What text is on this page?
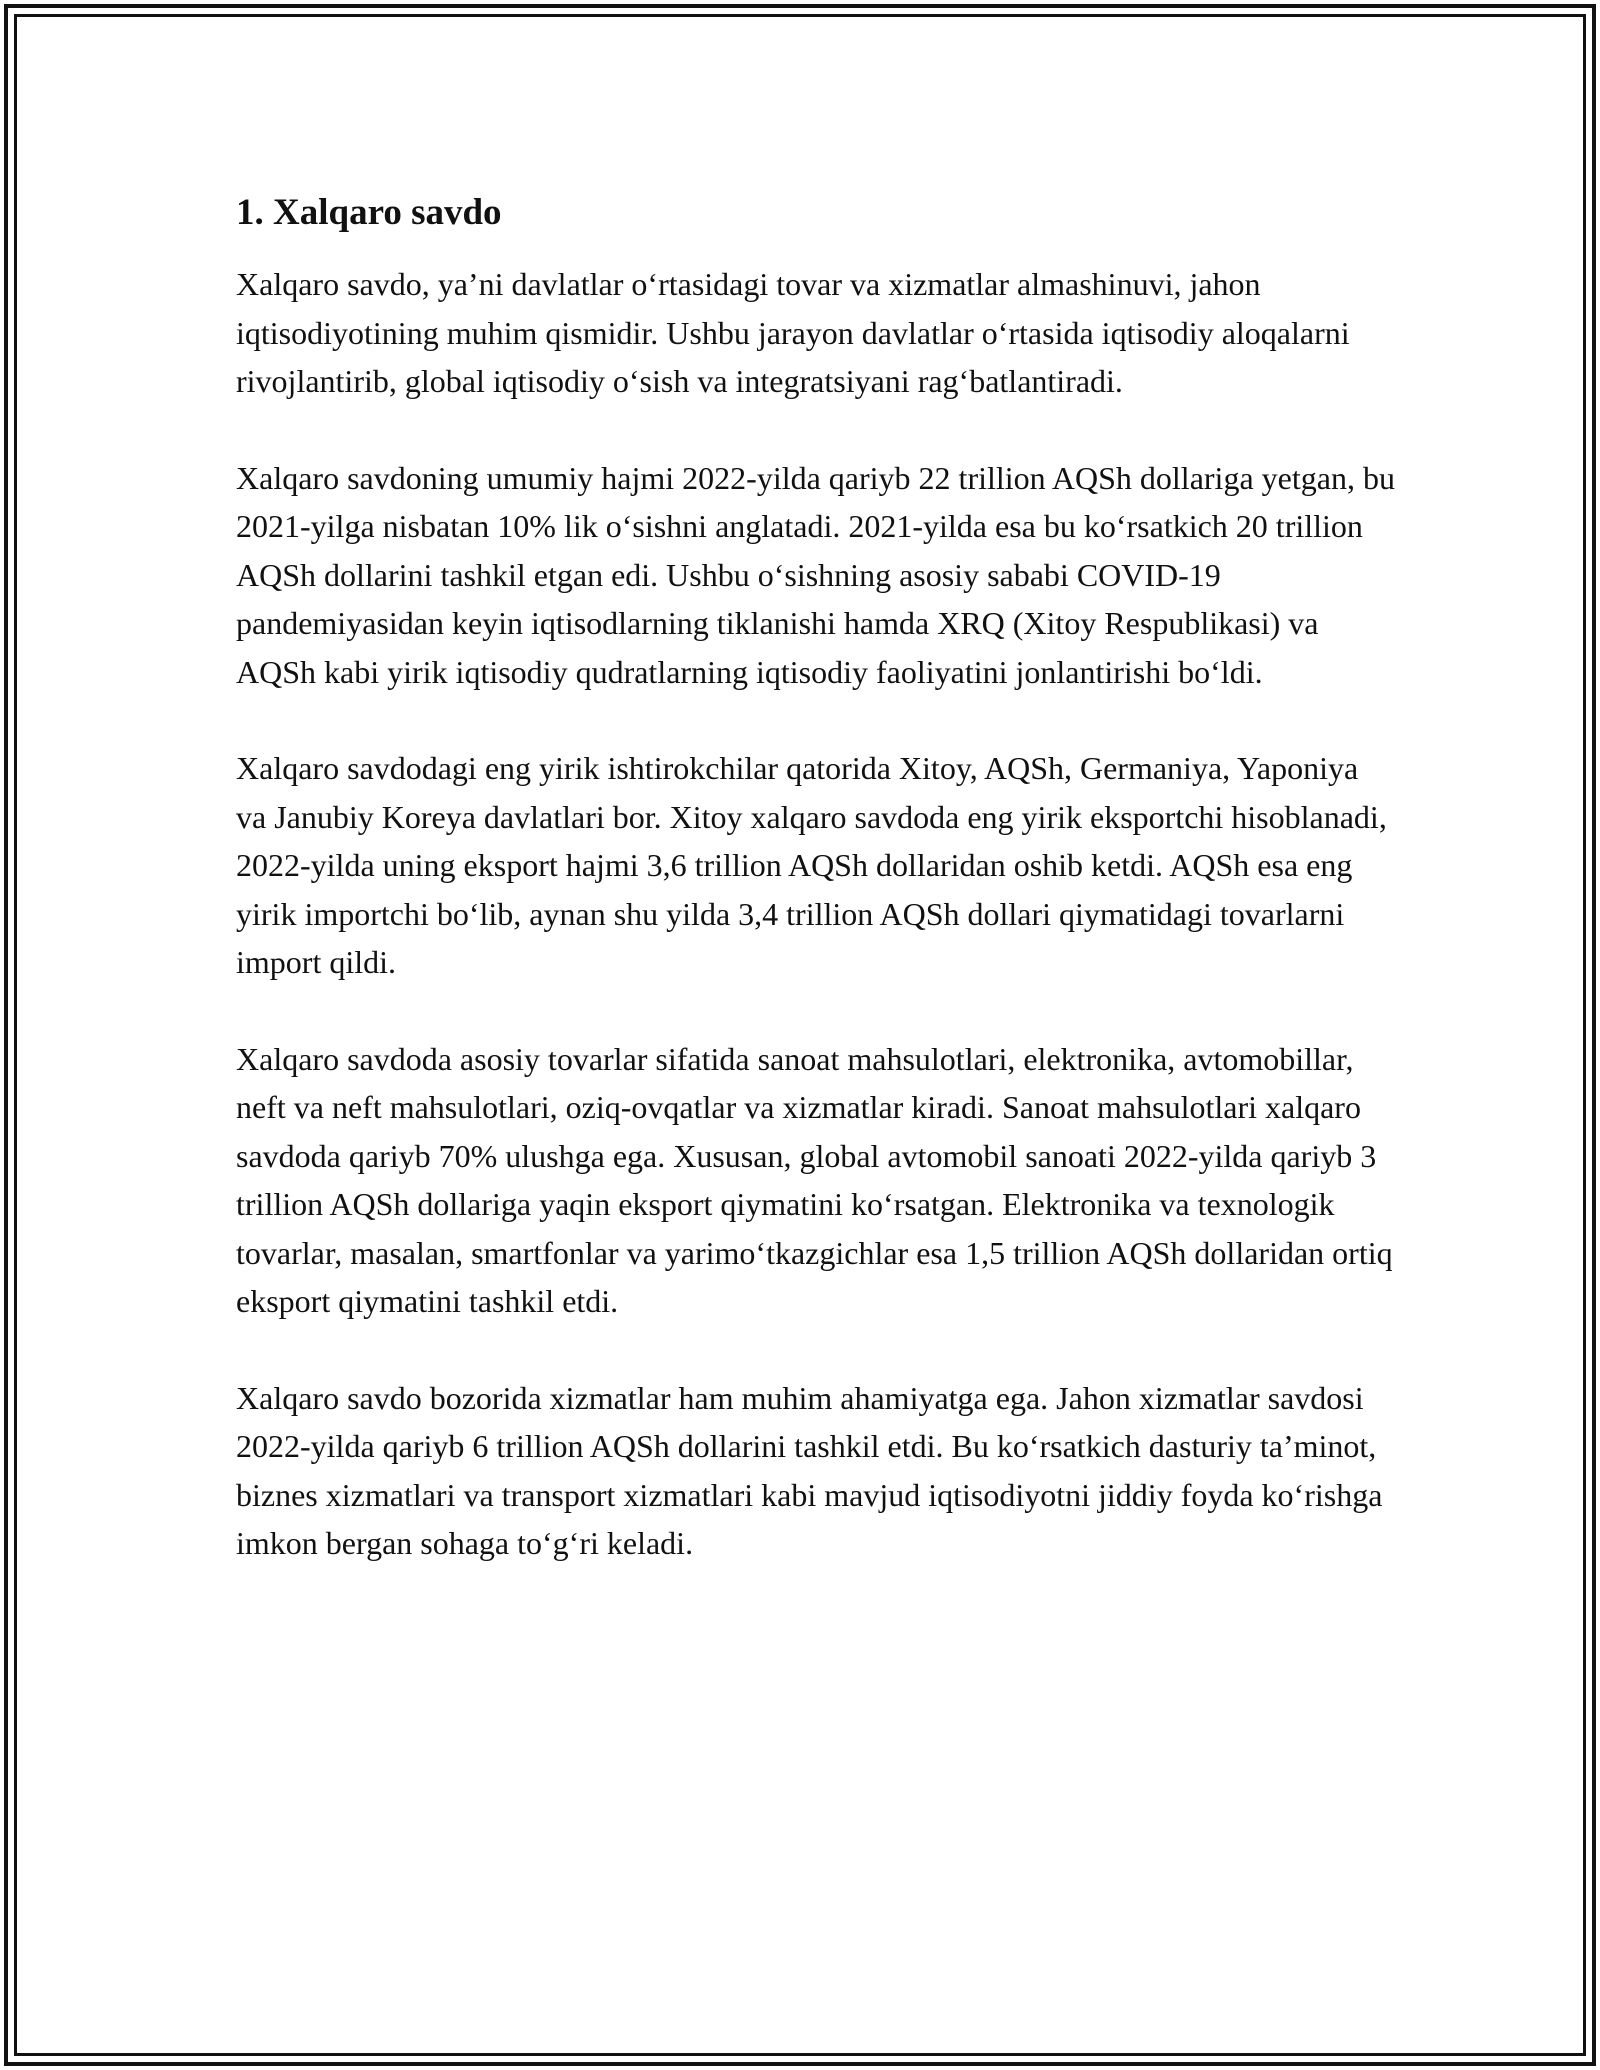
1. Xalqaro savdo

Xalqaro savdo, ya’ni davlatlar o‘rtasidagi tovar va xizmatlar almashinuvi, jahon iqtisodiyotining muhim qismidir. Ushbu jarayon davlatlar o‘rtasida iqtisodiy aloqalarni rivojlantirib, global iqtisodiy o‘sish va integratsiyani rag‘batlantiradi.

Xalqaro savdoning umumiy hajmi 2022-yilda qariyb 22 trillion AQSh dollariga yetgan, bu 2021-yilga nisbatan 10% lik o‘sishni anglatadi. 2021-yilda esa bu ko‘rsatkich 20 trillion AQSh dollarini tashkil etgan edi. Ushbu o‘sishning asosiy sababi COVID-19 pandemiyasidan keyin iqtisodlarning tiklanishi hamda XRQ (Xitoy Respublikasi) va AQSh kabi yirik iqtisodiy qudratlarning iqtisodiy faoliyatini jonlantirishi bo‘ldi.

Xalqaro savdodagi eng yirik ishtirokchilar qatorida Xitoy, AQSh, Germaniya, Yaponiya va Janubiy Koreya davlatlari bor. Xitoy xalqaro savdoda eng yirik eksportchi hisoblanadi, 2022-yilda uning eksport hajmi 3,6 trillion AQSh dollaridan oshib ketdi. AQSh esa eng yirik importchi bo‘lib, aynan shu yilda 3,4 trillion AQSh dollari qiymatidagi tovarlarni import qildi.

Xalqaro savdoda asosiy tovarlar sifatida sanoat mahsulotlari, elektronika, avtomobillar, neft va neft mahsulotlari, oziq-ovqatlar va xizmatlar kiradi. Sanoat mahsulotlari xalqaro savdoda qariyb 70% ulushga ega. Xususan, global avtomobil sanoati 2022-yilda qariyb 3 trillion AQSh dollariga yaqin eksport qiymatini ko‘rsatgan. Elektronika va texnologik tovarlar, masalan, smartfonlar va yarimo‘tkazgichlar esa 1,5 trillion AQSh dollaridan ortiq eksport qiymatini tashkil etdi.

Xalqaro savdo bozorida xizmatlar ham muhim ahamiyatga ega. Jahon xizmatlar savdosi 2022-yilda qariyb 6 trillion AQSh dollarini tashkil etdi. Bu ko‘rsatkich dasturiy ta’minot, biznes xizmatlari va transport xizmatlari kabi mavjud iqtisodiyotni jiddiy foyda ko‘rishga imkon bergan sohaga to‘g‘ri keladi.
